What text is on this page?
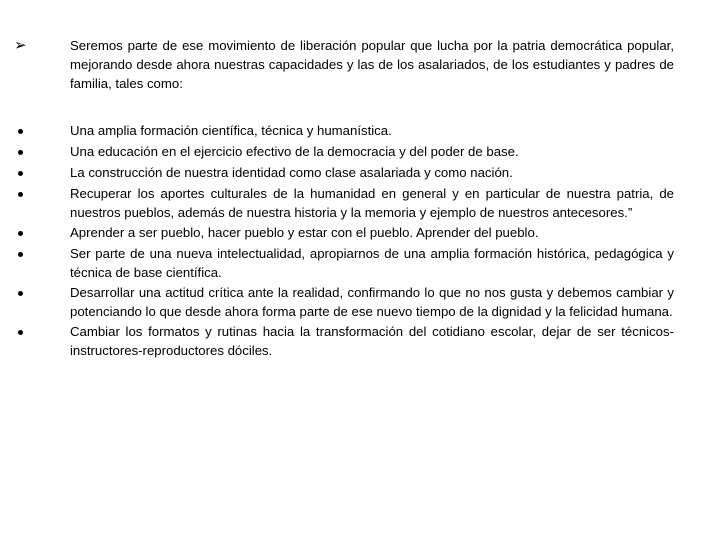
➢	Seremos parte de ese movimiento de liberación popular que lucha por la patria democrática popular, mejorando desde ahora nuestras capacidades y las de los asalariados, de los estudiantes y padres de familia, tales como:
Una amplia formación científica, técnica y humanística.
Una educación en el ejercicio efectivo de la democracia y del poder de base.
La construcción de nuestra identidad como clase asalariada y como nación.
Recuperar los aportes culturales de la humanidad en general y en particular de nuestra patria, de nuestros pueblos, además de nuestra historia y la memoria y ejemplo de nuestros antecesores.”
Aprender a ser pueblo, hacer pueblo y estar con el pueblo. Aprender del pueblo.
Ser parte de una nueva intelectualidad, apropiarnos de una amplia formación histórica, pedagógica y técnica de base científica.
Desarrollar una actitud crítica ante la realidad, confirmando lo que no nos gusta y debemos cambiar y potenciando lo que desde ahora forma parte de ese nuevo tiempo de la dignidad y la felicidad humana.
Cambiar los formatos y rutinas hacia la transformación del cotidiano escolar, dejar de ser técnicos-instructores-reproductores dóciles.
